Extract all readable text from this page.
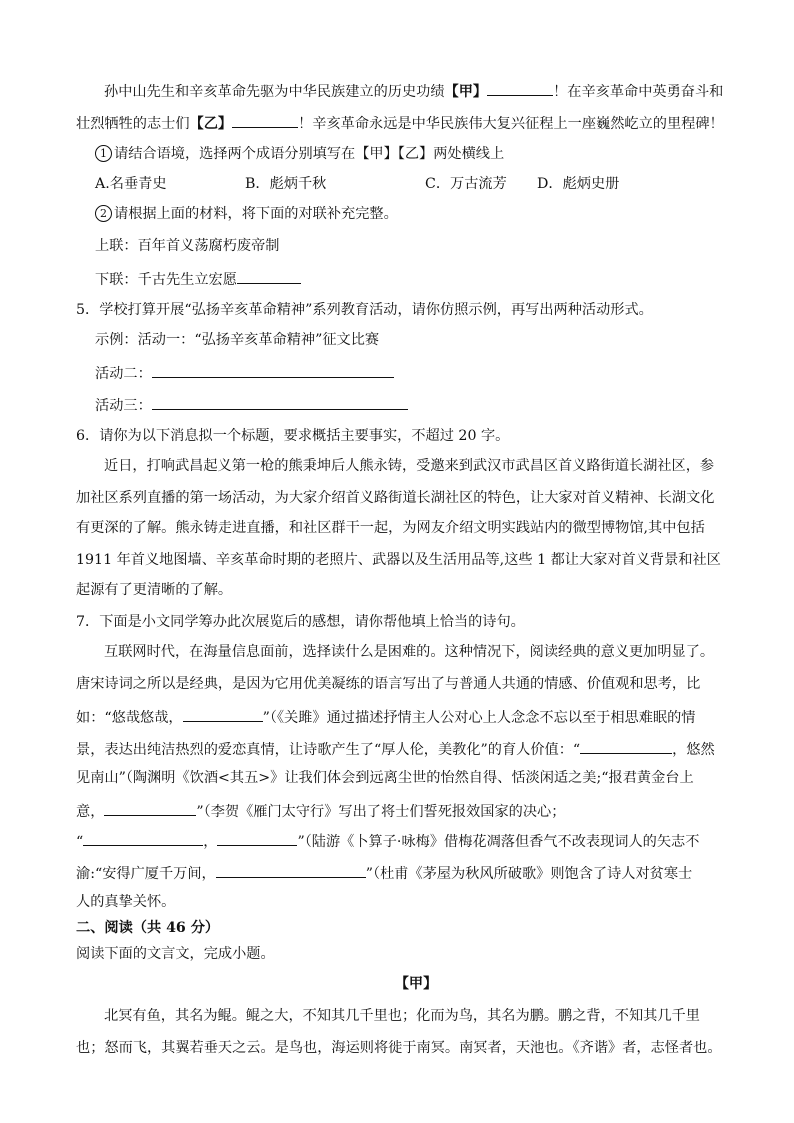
孙中山先生和辛亥革命先驱为中华民族建立的历史功绩【甲】	！在辛亥革命中英勇奋斗和
壮烈牺牲的志士们【乙】	！辛亥革命永远是中华民族伟大复兴征程上一座巍然屹立的里程碑！
1 请结合语境，选择两个成语分别填写在【甲】【乙】两处横线上
A.名垂青史	B．彪炳千秋	C．万古流芳 D．彪炳史册
2 请根据上面的材料，将下面的对联补充完整。
上联：百年首义荡腐朽废帝制
下联：千古先生立宏愿
5．学校打算开展“弘扬辛亥革命精神”系列教育活动，请你仿照示例，再写出两种活动形式。
示例：活动一：“弘扬辛亥革命精神”征文比赛
活动二：
活动三：
6．请你为以下消息拟一个标题，要求概括主要事实，不超过 20 字。
近日，打响武昌起义第一枪的熊秉坤后人熊永铸，受邀来到武汉市武昌区首义路街道长湖社区，参
加社区系列直播的第一场活动，为大家介绍首义路街道长湖社区的特色，让大家对首义精神、长湖文化
有更深的了解。熊永铸走进直播，和社区群干一起，为网友介绍文明实践站内的微型博物馆,其中包括
1911 年首义地图墙、辛亥革命时期的老照片、武器以及生活用品等,这些 1 都让大家对首义背景和社区
起源有了更清晰的了解。
7．下面是小文同学筹办此次展览后的感想，请你帮他填上恰当的诗句。
互联网时代，在海量信息面前，选择读什么是困难的。这种情况下，阅读经典的意义更加明显了。
唐宋诗词之所以是经典，是因为它用优美凝练的语言写出了与普通人共通的情感、价值观和思考，比
如：“悠哉悠哉，	”（《关雎》通过描述抒情主人公对心上人念念不忘以至于相思难眠的情
景，表达出纯洁热烈的爱恋真情，让诗歌产生了“厚人伦，美教化”的育人价值：“	，悠然
见南山”（陶渊明《饮酒<其五>》让我们体会到远离尘世的怡然自得、恬淡闲适之美;“报君黄金台上
意，	”（李贺《雁门太守行》写出了将士们誓死报效国家的决心；
“	，	”（陆游《卜算子·咏梅》借梅花凋落但香气不改表现词人的矢志不
渝:“安得广厦千万间，	”（杜甫《茅屋为秋风所破歌》则饱含了诗人对贫寒士
人的真挚关怀。
二、阅读（共 46 分）
阅读下面的文言文，完成小题。
【甲】
北冥有鱼，其名为鲲。鲲之大，不知其几千里也；化而为鸟，其名为鹏。鹏之背，不知其几千里
也；怒而飞，其翼若垂天之云。是鸟也，海运则将徙于南冥。南冥者，天池也。《齐谐》者，志怪者也。
